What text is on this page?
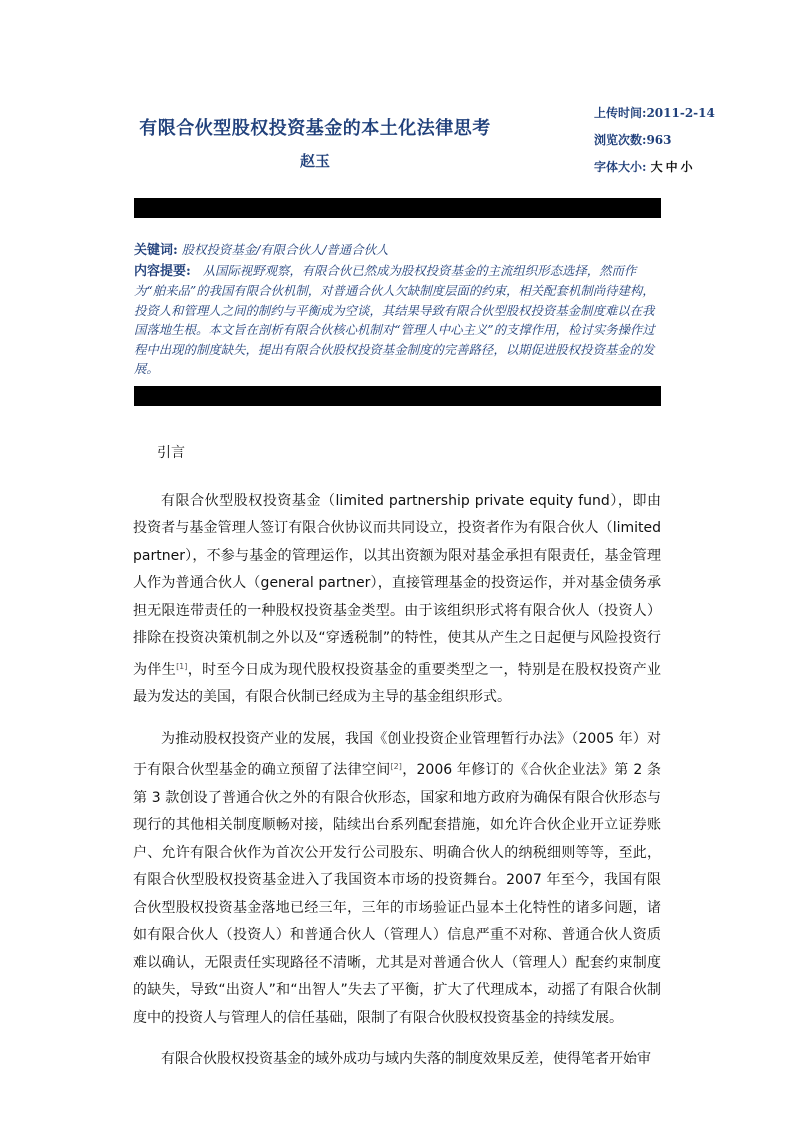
有限合伙型股权投资基金的本土化法律思考
赵玉
上传时间:2011-2-14
浏览次数:963
字体大小: 大中小
关键词: 股权投资基金/有限合伙人/普通合伙人
内容提要: 从国际视野观察，有限合伙已然成为股权投资基金的主流组织形态选择，然而作为“舶来品”的我国有限合伙机制，对普通合伙人欠缺制度层面的约束，相关配套机制尚待建构，投资人和管理人之间的制约与平衡成为空谈，其结果导致有限合伙型股权投资基金制度难以在我国落地生根。本文旨在剖析有限合伙核心机制对“管理人中心主义”的支撑作用，检讨实务操作过程中出现的制度缺失，提出有限合伙股权投资基金制度的完善路径，以期促进股权投资基金的发展。

引言

有限合伙型股权投资基金（limited partnership private equity fund），即由投资者与基金管理人签订有限合伙协议而共同设立，投资者作为有限合伙人（limited partner），不参与基金的管理运作，以其出资额为限对基金承担有限责任，基金管理人作为普通合伙人（general partner），直接管理基金的投资运作，并对基金债务承担无限连带责任的一种股权投资基金类型。由于该组织形式将有限合伙人（投资人）排除在投资决策机制之外以及“穿透税制”的特性，使其从产生之日起便与风险投资行为伴生[1]，时至今日成为现代股权投资基金的重要类型之一，特别是在股权投资产业最为发达的美国，有限合伙制已经成为主导的基金组织形式。

为推动股权投资产业的发展，我国《创业投资企业管理暂行办法》（2005 年）对于有限合伙型基金的确立预留了法律空间[2]，2006 年修订的《合伙企业法》第 2 条第 3 款创设了普通合伙之外的有限合伙形态，国家和地方政府为确保有限合伙形态与现行的其他相关制度顺畅对接，陆续出台系列配套措施，如允许合伙企业开立证券账户、允许有限合伙作为首次公开发行公司股东、明确合伙人的纳税细则等等，至此，有限合伙型股权投资基金进入了我国资本市场的投资舞台。2007 年至今，我国有限合伙型股权投资基金落地已经三年，三年的市场验证凸显本土化特性的诸多问题，诸如有限合伙人（投资人）和普通合伙人（管理人）信息严重不对称、普通合伙人资质难以确认，无限责任实现路径不清晰，尤其是对普通合伙人（管理人）配套约束制度的缺失，导致“出资人”和“出智人”失去了平衡，扩大了代理成本，动摇了有限合伙制度中的投资人与管理人的信任基础，限制了有限合伙股权投资基金的持续发展。

有限合伙股权投资基金的域外成功与域内失落的制度效果反差，使得笔者开始审
